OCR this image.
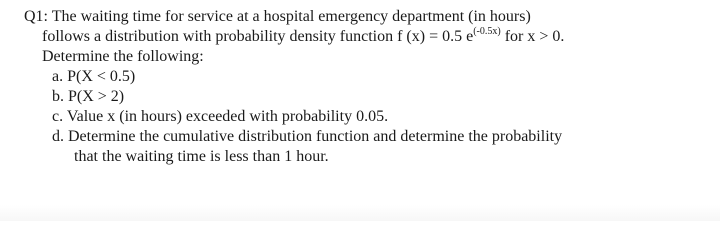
Q1: The waiting time for service at a hospital emergency department (in hours)
follows a distribution with probability density function f (x) = 0.5 $e^{(-0.5x)}$ for x > 0.
Determine the following:
a. P(X < 0.5)
b. P(X > 2)
c. Value x (in hours) exceeded with probability 0.05.
d. Determine the cumulative distribution function and determine the probability
that the waiting time is less than 1 hour.
